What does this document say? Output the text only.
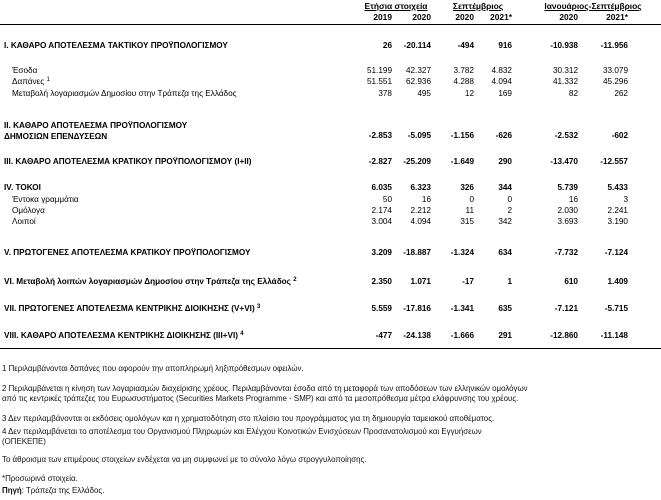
Ετήσια στοιχεία	Σεπτέμβριος	Ιανουάριος-Σεπτέμβριος
2019	2020	2020	2021*	2020	2021*
I. ΚΑΘΑΡΟ ΑΠΟΤΕΛΕΣΜΑ ΤΑΚΤΙΚΟΥ ΠΡΟΫΠΟΛΟΓΙΣΜΟΥ	26	-20.114	-494	916	-10.938	-11.956
Έσοδα	51.199	42.327	3.782	4.832	30.312	33.079
Δαπάνες $^1$	51.551	62.936	4.288	4.094	41.332	45.296
Μεταβολή λογαριασμών Δημοσίου στην Τράπεζα της Ελλάδος	378	495	12	169	82	262
II. ΚΑΘΑΡΟ ΑΠΟΤΕΛΕΣΜΑ ΠΡΟΫΠΟΛΟΓΙΣΜΟΥ
ΔΗΜΟΣΙΩΝ ΕΠΕΝΔΥΣΕΩΝ	-2.853	-5.095	-1.156	-626	-2.532	-602
III. ΚΑΘΑΡΟ ΑΠΟΤΕΛΕΣΜΑ ΚΡΑΤΙΚΟΥ ΠΡΟΫΠΟΛΟΓΙΣΜΟΥ (I+II)	-2.827	-25.209	-1.649	290	-13.470	-12.557
IV. ΤΟΚΟΙ	6.035	6.323	326	344	5.739	5.433
Έντοκα γραμμάτια	50	16	0	0	16	3
Ομόλογα	2.174	2.212	11	2	2.030	2.241
Λοιποί	3.004	4.094	315	342	3.693	3.190
V. ΠΡΩΤΟΓΕΝΕΣ ΑΠΟΤΕΛΕΣΜΑ ΚΡΑΤΙΚΟΥ ΠΡΟΫΠΟΛΟΓΙΣΜΟΥ	3.209	-18.887	-1.324	634	-7.732	-7.124
VI. Μεταβολή λοιπών λογαριασμών Δημοσίου στην Τράπεζα της Ελλάδος $^2$	2.350	1.071	-17	1	610	1.409
VII. ΠΡΩΤΟΓΕΝΕΣ ΑΠΟΤΕΛΕΣΜΑ ΚΕΝΤΡΙΚΗΣ ΔΙΟΙΚΗΣΗΣ (V+VI) $^3$	5.559	-17.816	-1.341	635	-7.121	-5.715
VIII. ΚΑΘΑΡΟ ΑΠΟΤΕΛΕΣΜΑ ΚΕΝΤΡΙΚΗΣ ΔΙΟΙΚΗΣΗΣ (III+VI) $^4$	-477	-24.138	-1.666	291	-12.860	-11.148
1 Περιλαμβάνονται δαπάνες που αφορούν την αποπληρωμή ληξιπρόθεσμων οφειλών.
2 Περιλαμβάνεται η κίνηση των λογαριασμών διαχείρισης χρέους. Περιλαμβάνονται έσοδα από τη μεταφορά των αποδόσεων των ελληνικών ομολόγων
από τις κεντρικές τράπεζες του Ευρωσυστήματος (Securities Markets Programme - SMP) και από τα μεσοπρόθεσμα μέτρα ελάφρυνσης του χρέους.
3 Δεν περιλαμβάνονται οι εκδόσεις ομολόγων και η χρηματοδότηση στο πλαίσιο του προγράμματος για τη δημιουργία ταμειακού αποθέματος.
4 Δεν περιλαμβάνεται το αποτέλεσμα του Οργανισμού Πληρωμών και Ελέγχου Κοινοτικών Ενισχύσεων Προσανατολισμού και Εγγυήσεων
(ΟΠΕΚΕΠΕ)
Το άθροισμα των επιμέρους στοιχείων ενδέχεται να μη συμφωνεί με το σύνολο λόγω στρογγυλοποίησης.
*Προσωρινά στοιχεία.
Πηγή: Τράπεζα της Ελλάδος.
